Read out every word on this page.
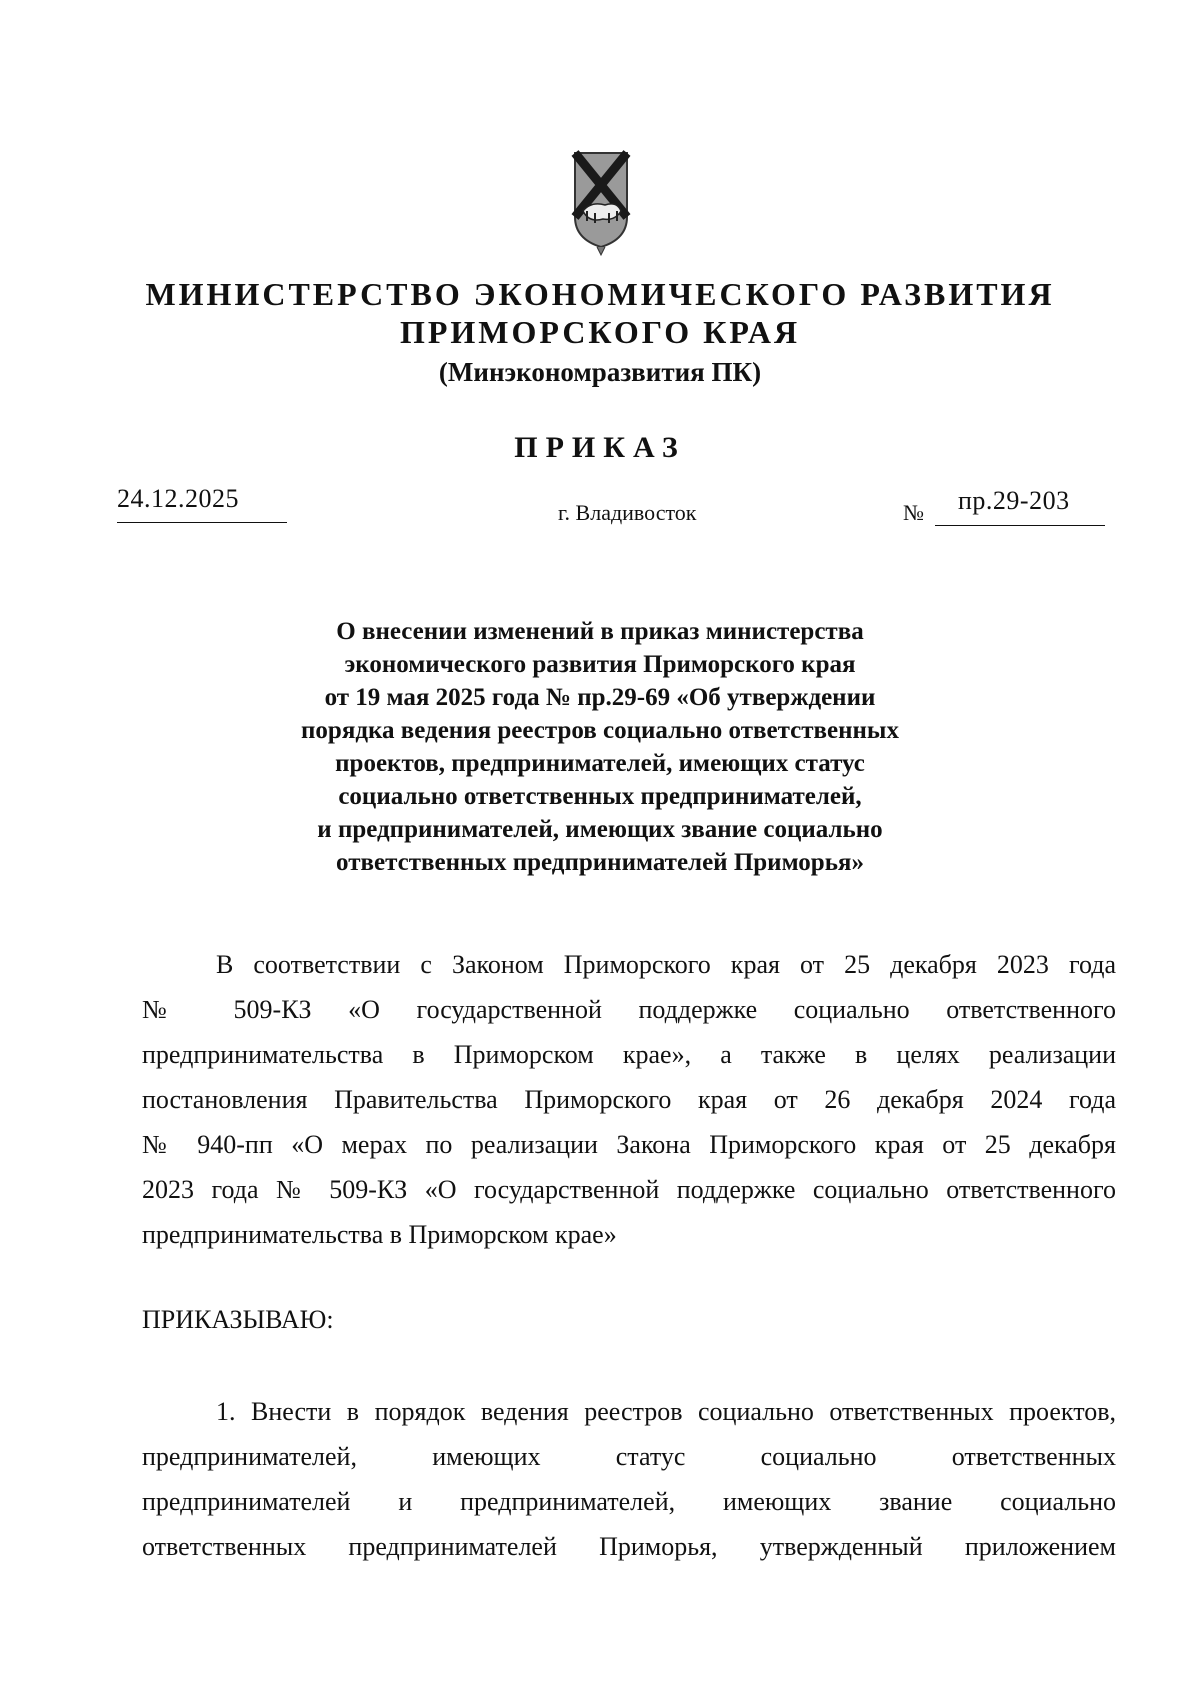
МИНИСТЕРСТВО ЭКОНОМИЧЕСКОГО РАЗВИТИЯ
ПРИМОРСКОГО КРАЯ
(Минэкономразвития ПК)
ПРИКАЗ
24.12.2025	г. Владивосток	№ пр.29-203
О внесении изменений в приказ министерства
экономического развития Приморского края
от 19 мая 2025 года № пр.29-69 «Об утверждении
порядка ведения реестров социально ответственных
проектов, предпринимателей, имеющих статус
социально ответственных предпринимателей,
и предпринимателей, имеющих звание социально
ответственных предпринимателей Приморья»
В соответствии с Законом Приморского края от 25 декабря 2023 года
№ 509-КЗ «О государственной поддержке социально ответственного
предпринимательства в Приморском крае», а также в целях реализации
постановления Правительства Приморского края от 26 декабря 2024 года
№ 940-пп «О мерах по реализации Закона Приморского края от 25 декабря
2023 года № 509-КЗ «О государственной поддержке социально ответственного
предпринимательства в Приморском крае»
ПРИКАЗЫВАЮ:
1. Внести в порядок ведения реестров социально ответственных проектов,
предпринимателей, имеющих статус социально ответственных
предпринимателей и предпринимателей, имеющих звание социально
ответственных предпринимателей Приморья, утвержденный приложением
